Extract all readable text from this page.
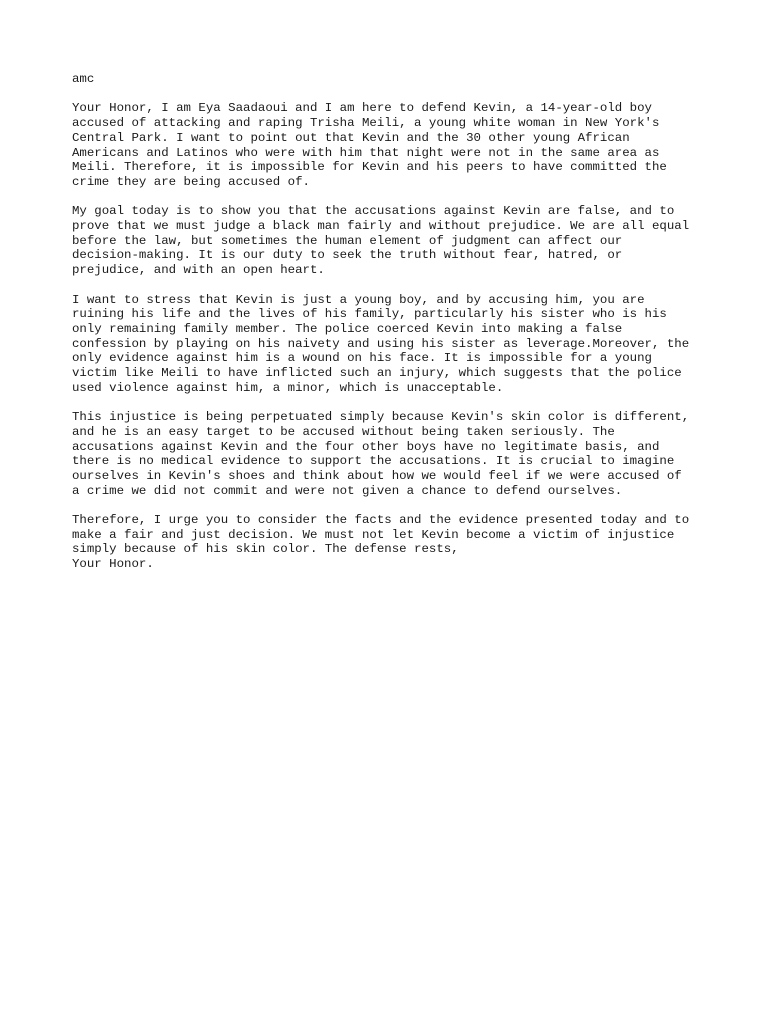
amc
Your Honor, I am Eya Saadaoui and I am here to defend Kevin, a 14-year-old boy
accused of attacking and raping Trisha Meili, a young white woman in New York's
Central Park. I want to point out that Kevin and the 30 other young African
Americans and Latinos who were with him that night were not in the same area as
Meili. Therefore, it is impossible for Kevin and his peers to have committed the
crime they are being accused of.
My goal today is to show you that the accusations against Kevin are false, and to
prove that we must judge a black man fairly and without prejudice. We are all equal
before the law, but sometimes the human element of judgment can affect our
decision-making. It is our duty to seek the truth without fear, hatred, or
prejudice, and with an open heart.
I want to stress that Kevin is just a young boy, and by accusing him, you are
ruining his life and the lives of his family, particularly his sister who is his
only remaining family member. The police coerced Kevin into making a false
confession by playing on his naivety and using his sister as leverage.Moreover, the
only evidence against him is a wound on his face. It is impossible for a young
victim like Meili to have inflicted such an injury, which suggests that the police
used violence against him, a minor, which is unacceptable.
This injustice is being perpetuated simply because Kevin's skin color is different,
and he is an easy target to be accused without being taken seriously. The
accusations against Kevin and the four other boys have no legitimate basis, and
there is no medical evidence to support the accusations. It is crucial to imagine
ourselves in Kevin's shoes and think about how we would feel if we were accused of
a crime we did not commit and were not given a chance to defend ourselves.
Therefore, I urge you to consider the facts and the evidence presented today and to
make a fair and just decision. We must not let Kevin become a victim of injustice
simply because of his skin color. The defense rests,
Your Honor.
